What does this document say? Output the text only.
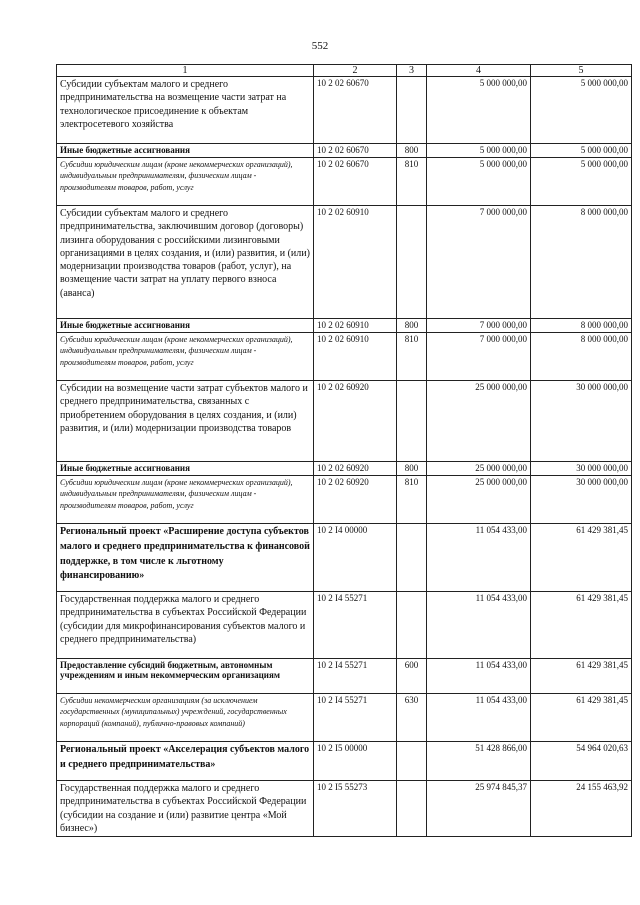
552
1	2	3	4	5
Субсидии субъектам малого и среднего предпринимательства на возмещение части затрат на технологическое присоединение к объектам электросетевого хозяйства	10 2 02 60670		5 000 000,00	5 000 000,00
Иные бюджетные ассигнования	10 2 02 60670	800	5 000 000,00	5 000 000,00
Субсидии юридическим лицам (кроме некоммерческих организаций), индивидуальным предпринимателям, физическим лицам - производителям товаров, работ, услуг	10 2 02 60670	810	5 000 000,00	5 000 000,00
Субсидии субъектам малого и среднего предпринимательства, заключившим договор (договоры) лизинга оборудования с российскими лизинговыми организациями в целях создания, и (или) развития, и (или) модернизации производства товаров (работ, услуг), на возмещение части затрат на уплату первого взноса (аванса)	10 2 02 60910		7 000 000,00	8 000 000,00
Иные бюджетные ассигнования	10 2 02 60910	800	7 000 000,00	8 000 000,00
Субсидии юридическим лицам (кроме некоммерческих организаций), индивидуальным предпринимателям, физическим лицам - производителям товаров, работ, услуг	10 2 02 60910	810	7 000 000,00	8 000 000,00
Субсидии на возмещение части затрат субъектов малого и среднего предпринимательства, связанных с приобретением оборудования в целях создания, и (или) развития, и (или) модернизации производства товаров	10 2 02 60920		25 000 000,00	30 000 000,00
Иные бюджетные ассигнования	10 2 02 60920	800	25 000 000,00	30 000 000,00
Субсидии юридическим лицам (кроме некоммерческих организаций), индивидуальным предпринимателям, физическим лицам - производителям товаров, работ, услуг	10 2 02 60920	810	25 000 000,00	30 000 000,00
Региональный проект «Расширение доступа субъектов малого и среднего предпринимательства к финансовой поддержке, в том числе к льготному финансированию»	10 2 I4 00000		11 054 433,00	61 429 381,45
Государственная поддержка малого и среднего предпринимательства в субъектах Российской Федерации (субсидии для микрофинансирования субъектов малого и среднего предпринимательства)	10 2 I4 55271		11 054 433,00	61 429 381,45
Предоставление субсидий бюджетным, автономным учреждениям и иным некоммерческим организациям	10 2 I4 55271	600	11 054 433,00	61 429 381,45
Субсидии некоммерческим организациям (за исключением государственных (муниципальных) учреждений, государственных корпораций (компаний), публично-правовых компаний)	10 2 I4 55271	630	11 054 433,00	61 429 381,45
Региональный проект «Акселерация субъектов малого и среднего предпринимательства»	10 2 I5 00000		51 428 866,00	54 964 020,63
Государственная поддержка малого и среднего предпринимательства в субъектах Российской Федерации (субсидии на создание и (или) развитие центра «Мой бизнес»)	10 2 I5 55273		25 974 845,37	24 155 463,92
